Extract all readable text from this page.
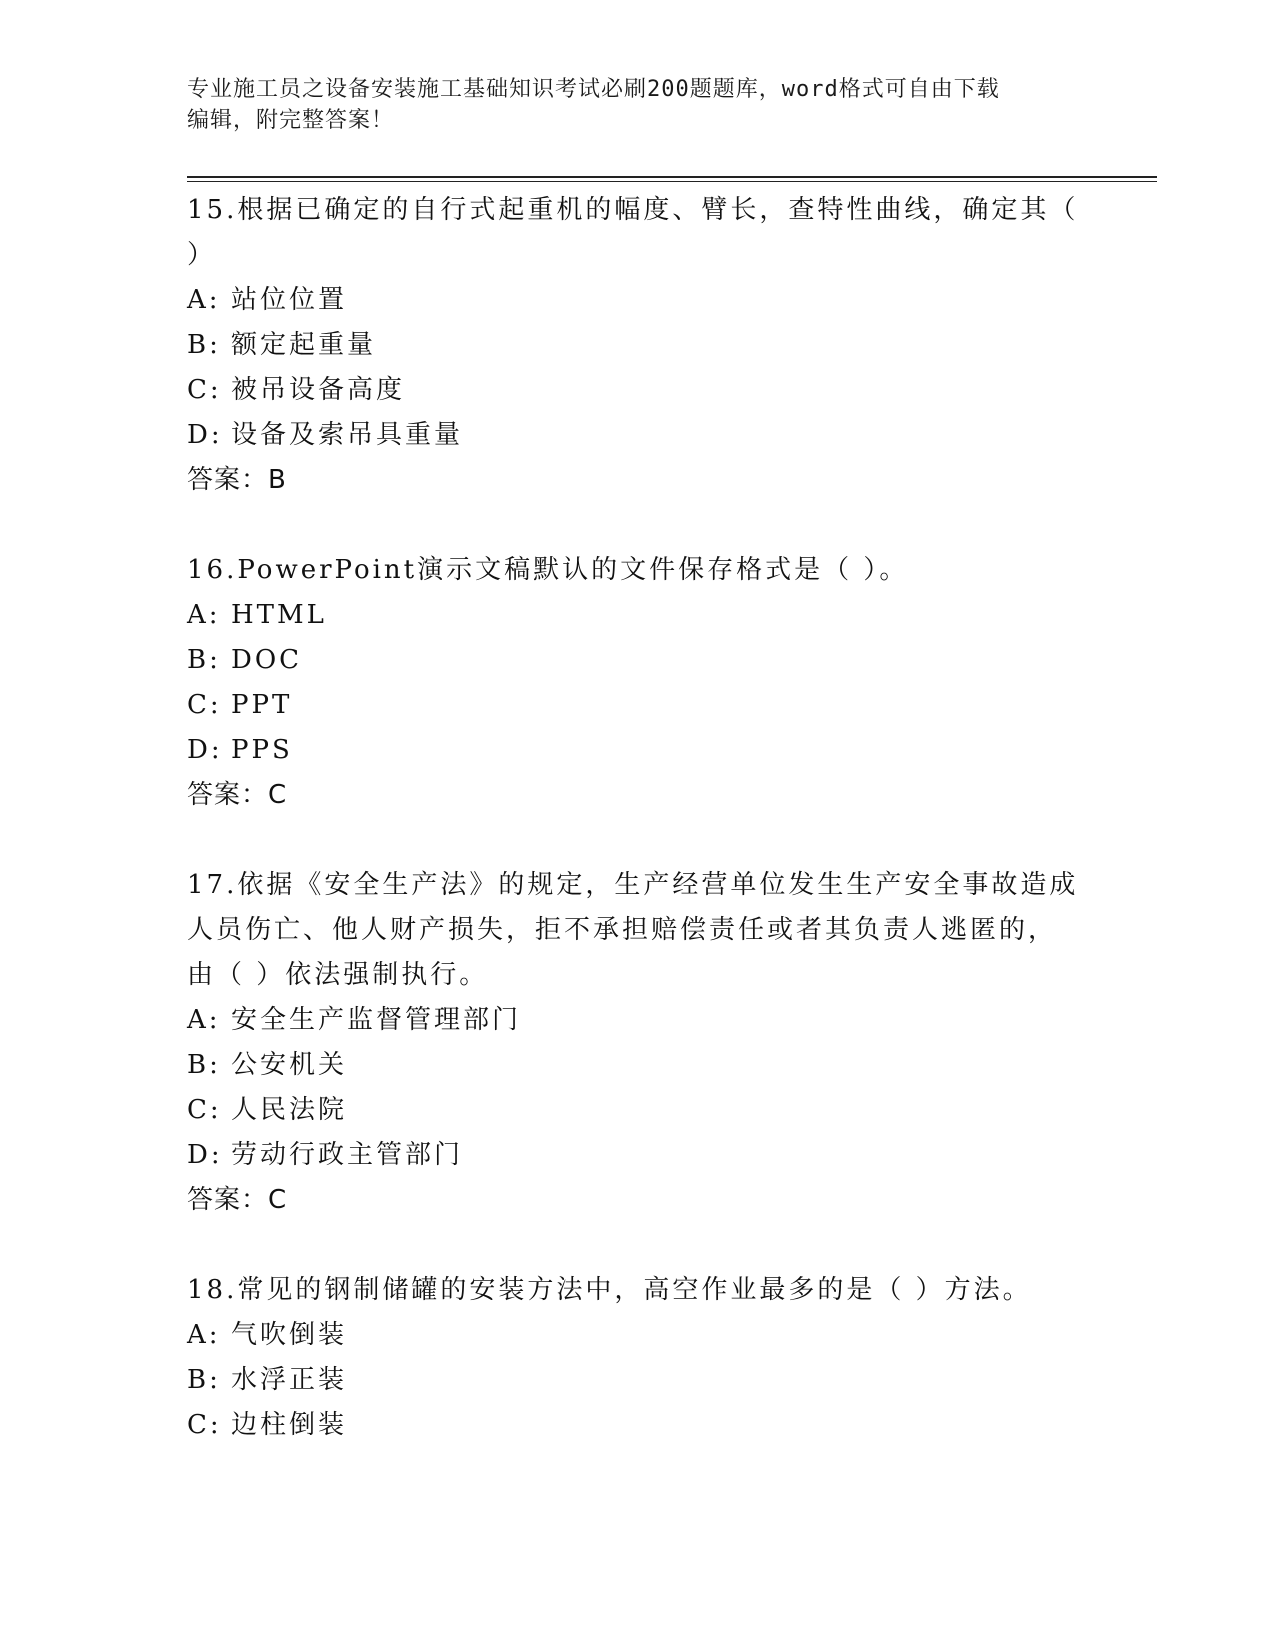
专业施工员之设备安装施工基础知识考试必刷200题题库，word格式可自由下载
编辑，附完整答案！
15.根据已确定的自行式起重机的幅度、臂长，查特性曲线，确定其（
）
A: 站位位置
B: 额定起重量
C: 被吊设备高度
D: 设备及索吊具重量
答案：B
16.PowerPoint演示文稿默认的文件保存格式是（ ）。
A: HTML
B: DOC
C: PPT
D: PPS
答案：C
17.依据《安全生产法》的规定，生产经营单位发生生产安全事故造成
人员伤亡、他人财产损失，拒不承担赔偿责任或者其负责人逃匿的，
由（ ）依法强制执行。
A: 安全生产监督管理部门
B: 公安机关
C: 人民法院
D: 劳动行政主管部门
答案：C
18.常见的钢制储罐的安装方法中，高空作业最多的是（ ）方法。
A: 气吹倒装
B: 水浮正装
C: 边柱倒装
